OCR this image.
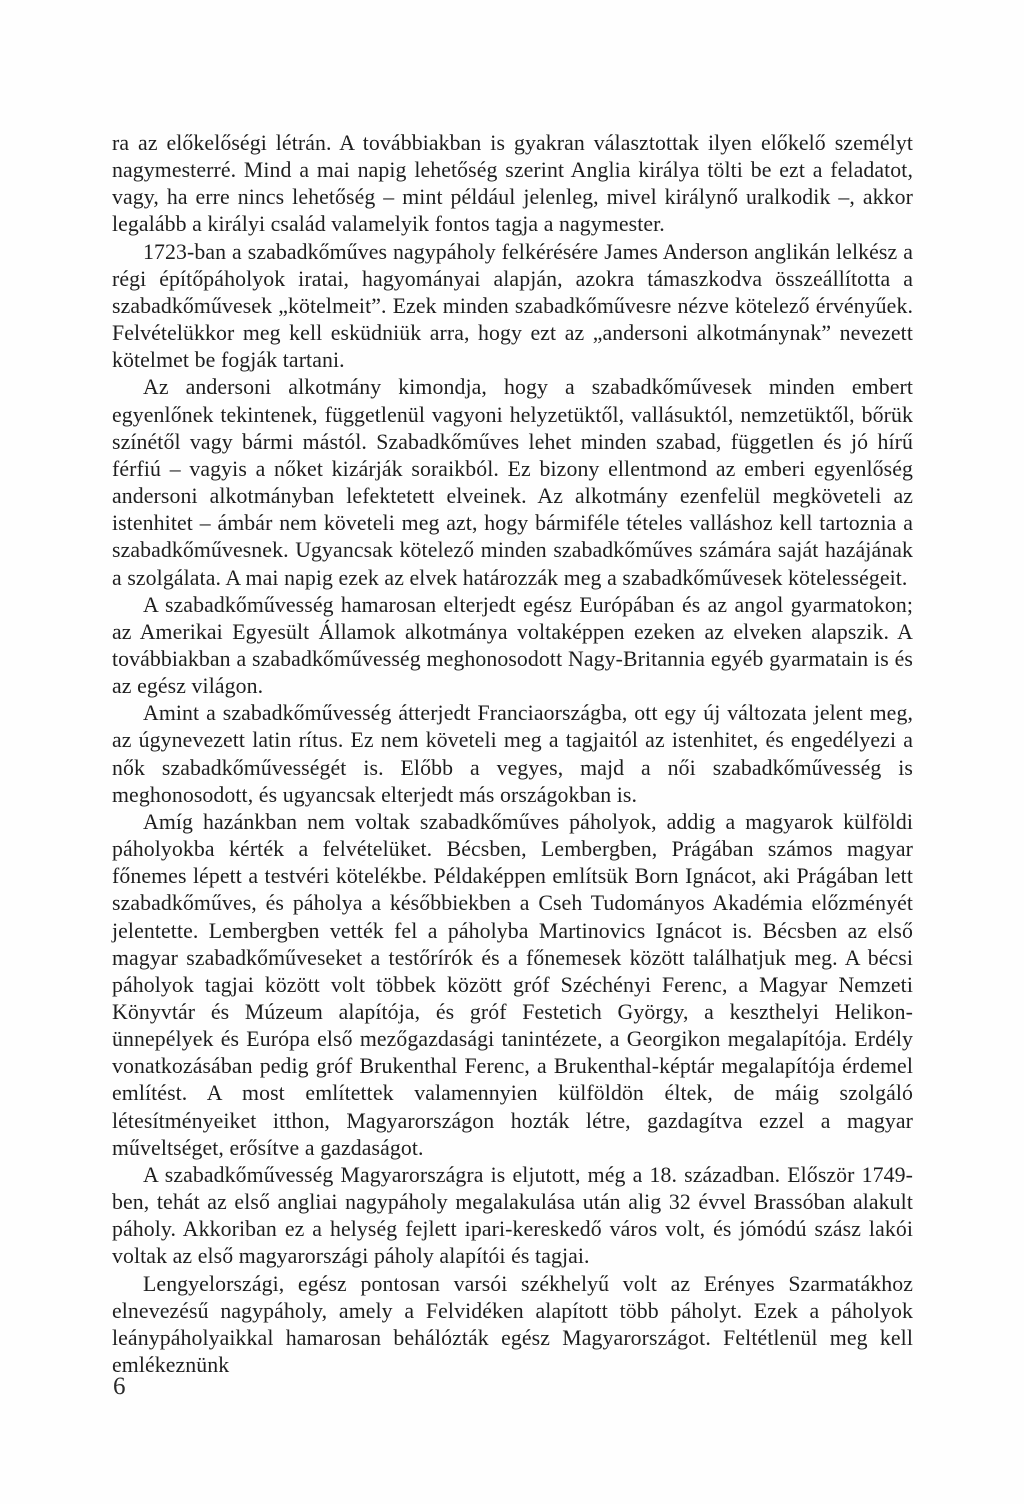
ra az előkelőségi létrán. A továbbiakban is gyakran választottak ilyen előkelő személyt nagymesterré. Mind a mai napig lehetőség szerint Anglia királya tölti be ezt a feladatot, vagy, ha erre nincs lehetőség – mint például jelenleg, mivel királynő uralkodik –, akkor legalább a királyi család valamelyik fontos tagja a nagymester.

1723-ban a szabadkőműves nagypáholy felkérésére James Anderson anglikán lelkész a régi építőpáholyok iratai, hagyományai alapján, azokra támaszkodva összeállította a szabadkőművesek „kötelmeit”. Ezek minden szabadkőművesre nézve kötelező érvényűek. Felvételükkor meg kell esküdniük arra, hogy ezt az „andersoni alkotmánynak” nevezett kötelmet be fogják tartani.

Az andersoni alkotmány kimondja, hogy a szabadkőművesek minden embert egyenlőnek tekintenek, függetlenül vagyoni helyzetüktől, vallásuktól, nemzetüktől, bőrük színétől vagy bármi mástól. Szabadkőműves lehet minden szabad, független és jó hírű férfiú – vagyis a nőket kizárják soraikból. Ez bizony ellentmond az emberi egyenlőség andersoni alkotmányban lefektetett elveinek. Az alkotmány ezenfelül megköveteli az istenhitet – ámbár nem követeli meg azt, hogy bármiféle tételes valláshoz kell tartoznia a szabadkőművesnek. Ugyancsak kötelező minden szabadkőműves számára saját hazájának a szolgálata. A mai napig ezek az elvek határozzák meg a szabadkőművesek kötelességeit.

A szabadkőművesség hamarosan elterjedt egész Európában és az angol gyarmatokon; az Amerikai Egyesült Államok alkotmánya voltaképpen ezeken az elveken alapszik. A továbbiakban a szabadkőművesség meghonosodott Nagy-Britannia egyéb gyarmatain is és az egész világon.

Amint a szabadkőművesség átterjedt Franciaországba, ott egy új változata jelent meg, az úgynevezett latin rítus. Ez nem követeli meg a tagjaitól az istenhitet, és engedélyezi a nők szabadkőművességét is. Előbb a vegyes, majd a női szabadkőművesség is meghonosodott, és ugyancsak elterjedt más országokban is.

Amíg hazánkban nem voltak szabadkőműves páholyok, addig a magyarok külföldi páholyokba kérték a felvételüket. Bécsben, Lembergben, Prágában számos magyar főnemes lépett a testvéri kötelékbe. Példaképpen említsük Born Ignácot, aki Prágában lett szabadkőműves, és páholya a későbbiekben a Cseh Tudományos Akadémia előzményét jelentette. Lembergben vették fel a páholyba Martinovics Ignácot is. Bécsben az első magyar szabadkőműveseket a testőrírók és a főnemesek között találhatjuk meg. A bécsi páholyok tagjai között volt többek között gróf Széchényi Ferenc, a Magyar Nemzeti Könyvtár és Múzeum alapítója, és gróf Festetich György, a keszthelyi Helikon-ünnepélyek és Európa első mezőgazdasági tanintézete, a Georgikon megalapítója. Erdély vonatkozásában pedig gróf Brukenthal Ferenc, a Brukenthal-képtár megalapítója érdemel említést. A most említettek valamennyien külföldön éltek, de máig szolgáló létesítményeiket itthon, Magyarországon hozták létre, gazdagítva ezzel a magyar műveltséget, erősítve a gazdaságot.

A szabadkőművesség Magyarországra is eljutott, még a 18. században. Először 1749-ben, tehát az első angliai nagypáholy megalakulása után alig 32 évvel Brassóban alakult páholy. Akkoriban ez a helység fejlett ipari-kereskedő város volt, és jómódú szász lakói voltak az első magyarországi páholy alapítói és tagjai.

Lengyelországi, egész pontosan varsói székhelyű volt az Erényes Szarmatákhoz elnevezésű nagypáholy, amely a Felvidéken alapított több páholyt. Ezek a páholyok leánypáholyaikkal hamarosan behálózták egész Magyarországot. Feltétlenül meg kell emlékeznünk

6
